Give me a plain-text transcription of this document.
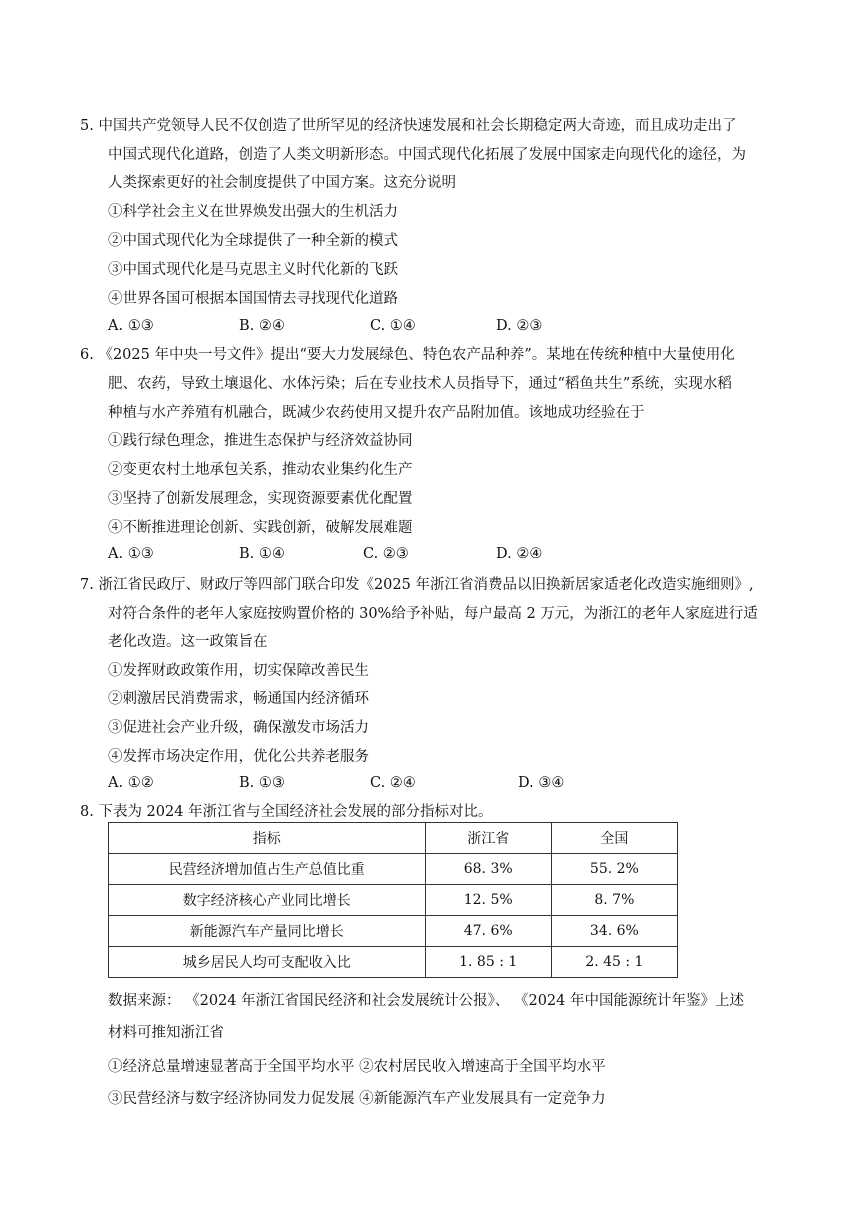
5. 中国共产党领导人民不仅创造了世所罕见的经济快速发展和社会长期稳定两大奇迹，而且成功走出了
中国式现代化道路，创造了人类文明新形态。中国式现代化拓展了发展中国家走向现代化的途径，为
人类探索更好的社会制度提供了中国方案。这充分说明
①科学社会主义在世界焕发出强大的生机活力
②中国式现代化为全球提供了一种全新的模式
③中国式现代化是马克思主义时代化新的飞跃
④世界各国可根据本国国情去寻找现代化道路
A. ①③	B. ②④	C. ①④	D. ②③
6. 《2025 年中央一号文件》提出“要大力发展绿色、特色农产品种养”。某地在传统种植中大量使用化
肥、农药，导致土壤退化、水体污染；后在专业技术人员指导下，通过“稻鱼共生”系统，实现水稻
种植与水产养殖有机融合，既减少农药使用又提升农产品附加值。该地成功经验在于
①践行绿色理念，推进生态保护与经济效益协同
②变更农村土地承包关系，推动农业集约化生产
③坚持了创新发展理念，实现资源要素优化配置
④不断推进理论创新、实践创新，破解发展难题
A. ①③	B. ①④	C. ②③	D. ②④
7. 浙江省民政厅、财政厅等四部门联合印发《2025 年浙江省消费品以旧换新居家适老化改造实施细则》,
对符合条件的老年人家庭按购置价格的 30%给予补贴，每户最高 2 万元，为浙江的老年人家庭进行适
老化改造。这一政策旨在
①发挥财政政策作用，切实保障改善民生
②刺激居民消费需求，畅通国内经济循环
③促进社会产业升级，确保激发市场活力
④发挥市场决定作用，优化公共养老服务
A. ①②	B. ①③	C. ②④	D. ③④
8. 下表为 2024 年浙江省与全国经济社会发展的部分指标对比。
指标	浙江省	全国
民营经济增加值占生产总值比重	68. 3%	55. 2%
数字经济核心产业同比增长	12. 5%	8. 7%
新能源汽车产量同比增长	47. 6%	34. 6%
城乡居民人均可支配收入比	1. 85 : 1	2. 45 : 1
数据来源： 《2024 年浙江省国民经济和社会发展统计公报》、 《2024 年中国能源统计年鉴》上述
材料可推知浙江省
①经济总量增速显著高于全国平均水平 ②农村居民收入增速高于全国平均水平
③民营经济与数字经济协同发力促发展 ④新能源汽车产业发展具有一定竞争力
